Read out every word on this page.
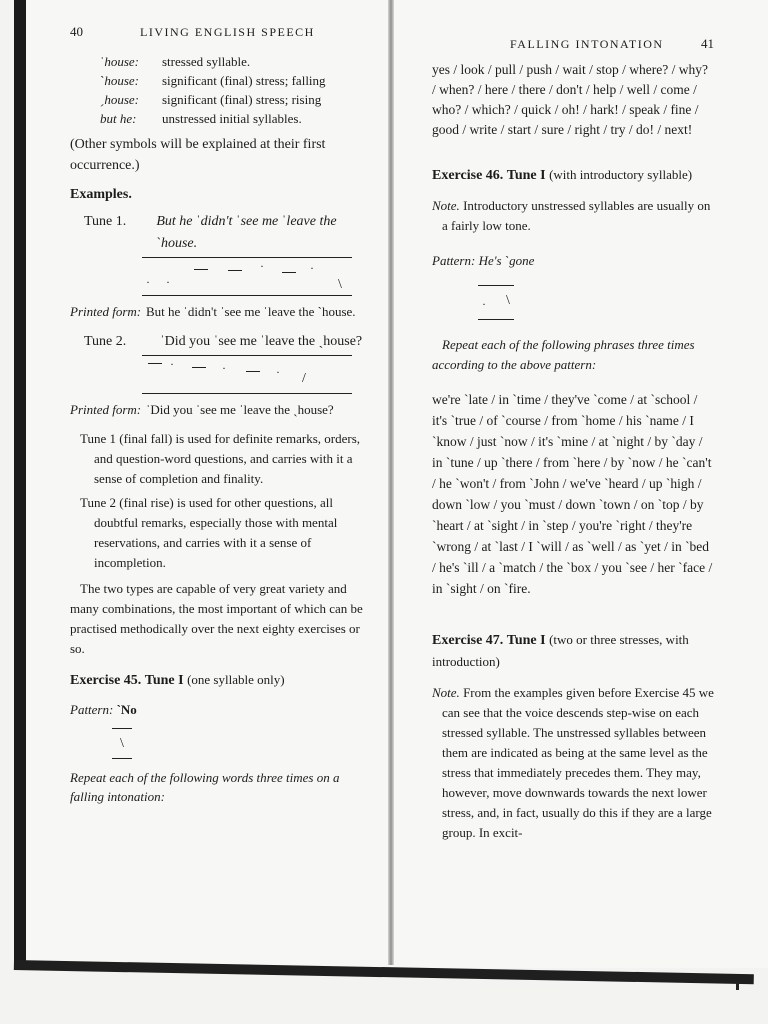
40	LIVING ENGLISH SPEECH
ˈhouse:	stressed syllable.
ˋhouse:	significant (final) stress; falling
ˏhouse:	significant (final) stress; rising
but he:	unstressed initial syllables.

(Other symbols will be explained at their first occurrence.)

Examples.

Tune 1.	But he ˈdidn't ˈsee me ˈleave the ˋhouse.
·	·
· ·	\
Printed form: But he ˈdidn't ˈsee me ˈleave the ˋhouse.
Tune 2.	ˈDid you ˈsee me ˈleave the ˏhouse?
·	·	· /
Printed form: ˈDid you ˈsee me ˈleave the ˏhouse?

Tune 1 (final fall) is used for definite remarks, orders, and question-word questions, and carries with it a sense of completion and finality.

Tune 2 (final rise) is used for other questions, all doubtful remarks, especially those with mental reservations, and carries with it a sense of incompletion.

The two types are capable of very great variety and many combinations, the most important of which can be practised methodically over the next eighty exercises or so.

Exercise 45. Tune I (one syllable only)

Pattern: ˋNo

\

Repeat each of the following words three times on a falling intonation:

FALLING INTONATION	41

yes / look / pull / push / wait / stop / where? / why? / when? / here / there / don't / help / well / come / who? / which? / quick / oh! / hark! / speak / fine / good / write / start / sure / right / try / do! / next!

Exercise 46. Tune I (with introductory syllable)

Note. Introductory unstressed syllables are usually on a fairly low tone.

Pattern: He's ˋgone

· \

Repeat each of the following phrases three times according to the above pattern:

we're ˋlate / in ˋtime / they've ˋcome / at ˋschool / it's ˋtrue / of ˋcourse / from ˋhome / his ˋname / I ˋknow / just ˋnow / it's ˋmine / at ˋnight / by ˋday / in ˋtune / up ˋthere / from ˋhere / by ˋnow / he ˋcan't / he ˋwon't / from ˋJohn / we've ˋheard / up ˋhigh / down ˋlow / you ˋmust / down ˋtown / on ˋtop / by ˋheart / at ˋsight / in ˋstep / you're ˋright / they're ˋwrong / at ˋlast / I ˋwill / as ˋwell / as ˋyet / in ˋbed / he's ˋill / a ˋmatch / the ˋbox / you ˋsee / her ˋface / in ˋsight / on ˋfire.

Exercise 47. Tune I (two or three stresses, with introduction)

Note. From the examples given before Exercise 45 we can see that the voice descends step-wise on each stressed syllable. The unstressed syllables between them are indicated as being at the same level as the stress that immediately precedes them. They may, however, move downwards towards the next lower stress, and, in fact, usually do this if they are a large group. In excit-
